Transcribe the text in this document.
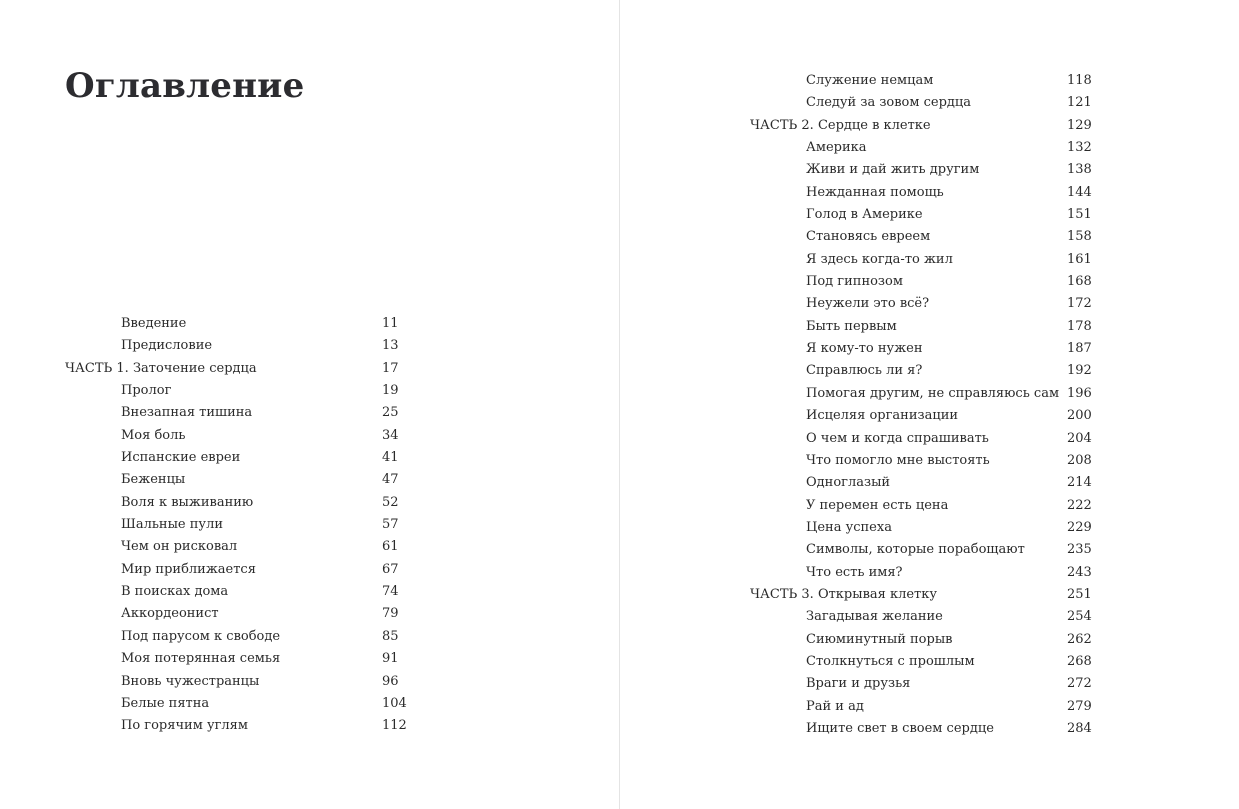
Оглавление
Введение	11
Предисловие	13
ЧАСТЬ 1. Заточение сердца	17
Пролог	19
Внезапная тишина	25
Моя боль	34
Испанские евреи	41
Беженцы	47
Воля к выживанию	52
Шальные пули	57
Чем он рисковал	61
Мир приближается	67
В поисках дома	74
Аккордеонист	79
Под парусом к свободе	85
Моя потерянная семья	91
Вновь чужестранцы	96
Белые пятна	104
По горячим углям	112
Служение немцам	118
Следуй за зовом сердца	121
ЧАСТЬ 2. Сердце в клетке	129
Америка	132
Живи и дай жить другим	138
Нежданная помощь	144
Голод в Америке	151
Становясь евреем	158
Я здесь когда-то жил	161
Под гипнозом	168
Неужели это всё?	172
Быть первым	178
Я кому-то нужен	187
Справлюсь ли я?	192
Помогая другим, не справляюсь сам 196
Исцеляя организации	200
О чем и когда спрашивать	204
Что помогло мне выстоять	208
Одноглазый	214
У перемен есть цена	222
Цена успеха	229
Символы, которые порабощают	235
Что есть имя?	243
ЧАСТЬ 3. Открывая клетку	251
Загадывая желание	254
Сиюминутный порыв	262
Столкнуться с прошлым	268
Враги и друзья	272
Рай и ад	279
Ищите свет в своем сердце	284
